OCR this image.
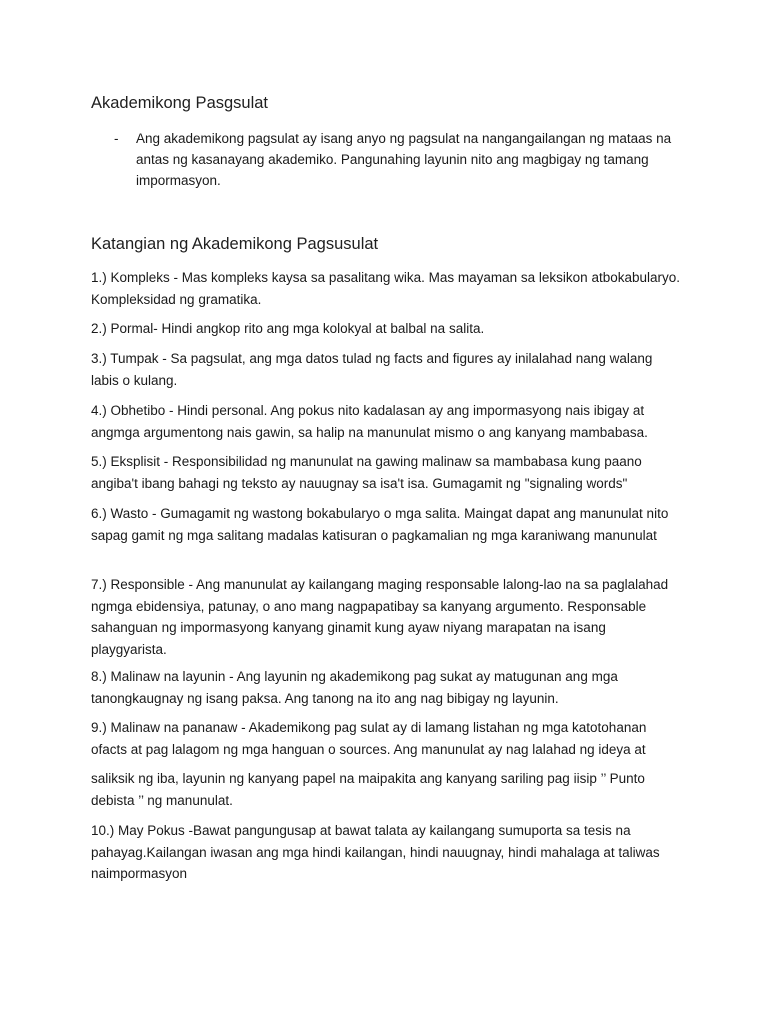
Akademikong Pasgsulat
- Ang akademikong pagsulat ay isang anyo ng pagsulat na nangangailangan ng mataas na antas ng kasanayang akademiko. Pangunahing layunin nito ang magbigay ng tamang impormasyon.

Katangian ng Akademikong Pagsusulat

1.) Kompleks - Mas kompleks kaysa sa pasalitang wika. Mas mayaman sa leksikon atbokabularyo. Kompleksidad ng gramatika.

2.) Pormal- Hindi angkop rito ang mga kolokyal at balbal na salita.

3.) Tumpak - Sa pagsulat, ang mga datos tulad ng facts and figures ay inilalahad nang walang labis o kulang.

4.) Obhetibo - Hindi personal. Ang pokus nito kadalasan ay ang impormasyong nais ibigay at angmga argumentong nais gawin, sa halip na manunulat mismo o ang kanyang mambabasa.

5.) Eksplisit - Responsibilidad ng manunulat na gawing malinaw sa mambabasa kung paano angiba't ibang bahagi ng teksto ay nauugnay sa isa't isa. Gumagamit ng "signaling words"

6.) Wasto - Gumagamit ng wastong bokabularyo o mga salita. Maingat dapat ang manunulat nito sapag gamit ng mga salitang madalas katisuran o pagkamalian ng mga karaniwang manunulat

7.) Responsible - Ang manunulat ay kailangang maging responsable lalong-lao na sa paglalahad ngmga ebidensiya, patunay, o ano mang nagpapatibay sa kanyang argumento. Responsable sahanguan ng impormasyong kanyang ginamit kung ayaw niyang marapatan na isang playgyarista.

8.) Malinaw na layunin - Ang layunin ng akademikong pag sukat ay matugunan ang mga tanongkaugnay ng isang paksa. Ang tanong na ito ang nag bibigay ng layunin.

9.) Malinaw na pananaw - Akademikong pag sulat ay di lamang listahan ng mga katotohanan ofacts at pag lalagom ng mga hanguan o sources. Ang manunulat ay nag lalahad ng ideya at

saliksik ng iba, layunin ng kanyang papel na maipakita ang kanyang sariling pag iisip ’’ Punto debista ’’ ng manunulat.

10.) May Pokus -Bawat pangungusap at bawat talata ay kailangang sumuporta sa tesis na pahayag.Kailangan iwasan ang mga hindi kailangan, hindi nauugnay, hindi mahalaga at taliwas naimpormasyon
